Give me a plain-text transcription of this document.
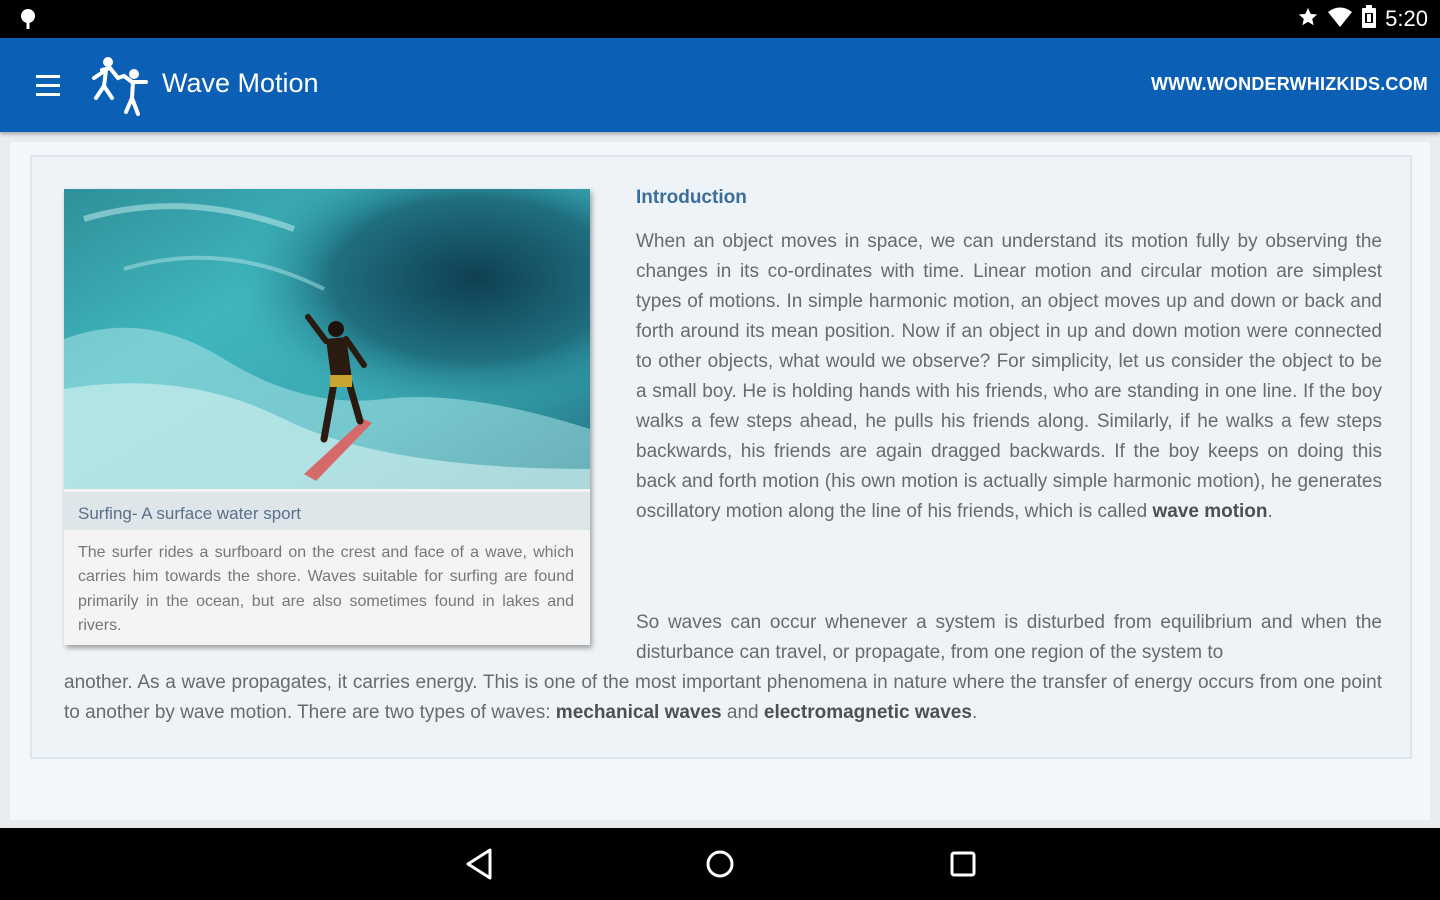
5:20
Wave Motion	WWW.WONDERWHIZKIDS.COM
Surfing- A surface water sport
The surfer rides a surfboard on the crest and face of a wave, which carries him towards the shore. Waves suitable for surfing are found primarily in the ocean, but are also sometimes found in lakes and rivers.
Introduction
When an object moves in space, we can understand its motion fully by observing the changes in its co-ordinates with time. Linear motion and circular motion are simplest types of motions. In simple harmonic motion, an object moves up and down or back and forth around its mean position. Now if an object in up and down motion were connected to other objects, what would we observe? For simplicity, let us consider the object to be a small boy. He is holding hands with his friends, who are standing in one line. If the boy walks a few steps ahead, he pulls his friends along. Similarly, if he walks a few steps backwards, his friends are again dragged backwards. If the boy keeps on doing this back and forth motion (his own motion is actually simple harmonic motion), he generates oscillatory motion along the line of his friends, which is called wave motion.
So waves can occur whenever a system is disturbed from equilibrium and when the disturbance can travel, or propagate, from one region of the system to
another. As a wave propagates, it carries energy. This is one of the most important phenomena in nature where the transfer of energy occurs from one point to another by wave motion. There are two types of waves: mechanical waves and electromagnetic waves.
